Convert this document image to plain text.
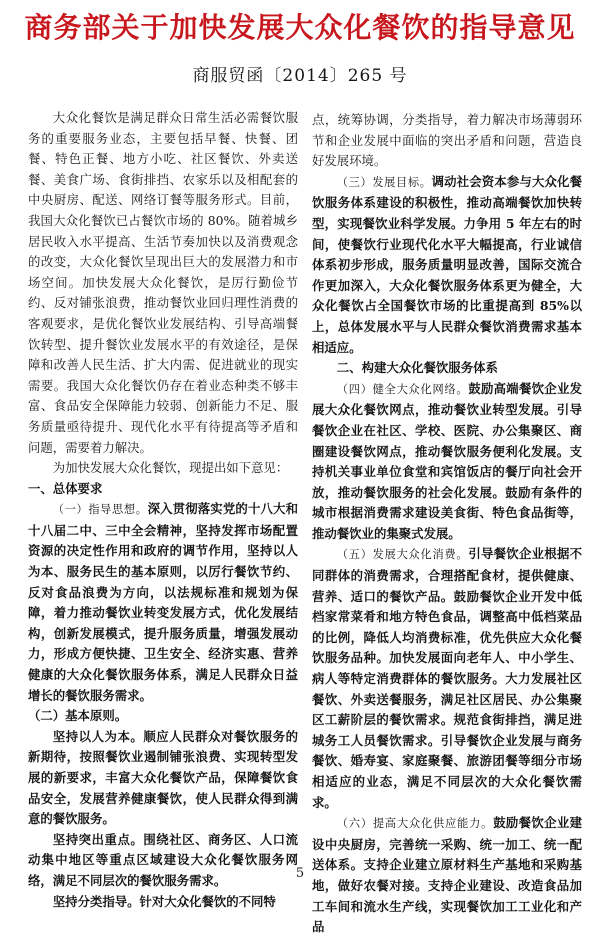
商务部关于加快发展大众化餐饮的指导意见
商服贸函〔2014〕265 号

大众化餐饮是满足群众日常生活必需餐饮服务的重要服务业态，主要包括早餐、快餐、团餐、特色正餐、地方小吃、社区餐饮、外卖送餐、美食广场、食街排挡、农家乐以及相配套的中央厨房、配送、网络订餐等服务形式。目前，我国大众化餐饮已占餐饮市场的 80%。随着城乡居民收入水平提高、生活节奏加快以及消费观念的改变，大众化餐饮呈现出巨大的发展潜力和市场空间。加快发展大众化餐饮，是厉行勤俭节约、反对铺张浪费，推动餐饮业回归理性消费的客观要求，是优化餐饮业发展结构、引导高端餐饮转型、提升餐饮业发展水平的有效途径，是保障和改善人民生活、扩大内需、促进就业的现实需要。我国大众化餐饮仍存在着业态种类不够丰富、食品安全保障能力较弱、创新能力不足、服务质量亟待提升、现代化水平有待提高等矛盾和问题，需要着力解决。

为加快发展大众化餐饮，现提出如下意见：

一、总体要求

（一）指导思想。深入贯彻落实党的十八大和十八届二中、三中全会精神，坚持发挥市场配置资源的决定性作用和政府的调节作用，坚持以人为本、服务民生的基本原则，以厉行餐饮节约、反对食品浪费为方向，以法规标准和规划为保障，着力推动餐饮业转变发展方式，优化发展结构，创新发展模式，提升服务质量，增强发展动力，形成方便快捷、卫生安全、经济实惠、营养健康的大众化餐饮服务体系，满足人民群众日益增长的餐饮服务需求。

（二）基本原则。

坚持以人为本。顺应人民群众对餐饮服务的新期待，按照餐饮业遏制铺张浪费、实现转型发展的新要求，丰富大众化餐饮产品，保障餐饮食品安全，发展营养健康餐饮，使人民群众得到满意的餐饮服务。

坚持突出重点。围绕社区、商务区、人口流动集中地区等重点区域建设大众化餐饮服务网络，满足不同层次的餐饮服务需求。

坚持分类指导。针对大众化餐饮的不同特

点，统筹协调，分类指导，着力解决市场薄弱环节和企业发展中面临的突出矛盾和问题，营造良好发展环境。

（三）发展目标。调动社会资本参与大众化餐饮服务体系建设的积极性，推动高端餐饮加快转型，实现餐饮业科学发展。力争用 5 年左右的时间，使餐饮行业现代化水平大幅提高，行业诚信体系初步形成，服务质量明显改善，国际交流合作更加深入，大众化餐饮服务体系更为健全，大众化餐饮占全国餐饮市场的比重提高到 85%以上，总体发展水平与人民群众餐饮消费需求基本相适应。

二、构建大众化餐饮服务体系

（四）健全大众化网络。鼓励高端餐饮企业发展大众化餐饮网点，推动餐饮业转型发展。引导餐饮企业在社区、学校、医院、办公集聚区、商圈建设餐饮网点，推动餐饮服务便利化发展。支持机关事业单位食堂和宾馆饭店的餐厅向社会开放，推动餐饮服务的社会化发展。鼓励有条件的城市根据消费需求建设美食街、特色食品街等，推动餐饮业的集聚式发展。

（五）发展大众化消费。引导餐饮企业根据不同群体的消费需求，合理搭配食材，提供健康、营养、适口的餐饮产品。鼓励餐饮企业开发中低档家常菜肴和地方特色食品，调整高中低档菜品的比例，降低人均消费标准，优先供应大众化餐饮服务品种。加快发展面向老年人、中小学生、病人等特定消费群体的餐饮服务。大力发展社区餐饮、外卖送餐服务，满足社区居民、办公集聚区工薪阶层的餐饮需求。规范食街排挡，满足进城务工人员餐饮需求。引导餐饮企业发展与商务餐饮、婚寿宴、家庭聚餐、旅游团餐等细分市场相适应的业态，满足不同层次的大众化餐饮需求。

（六）提高大众化供应能力。鼓励餐饮企业建设中央厨房，完善统一采购、统一加工、统一配送体系。支持企业建立原材料生产基地和采购基地，做好农餐对接。支持企业建设、改造食品加工车间和流水生产线，实现餐饮加工工业化和产品

5
